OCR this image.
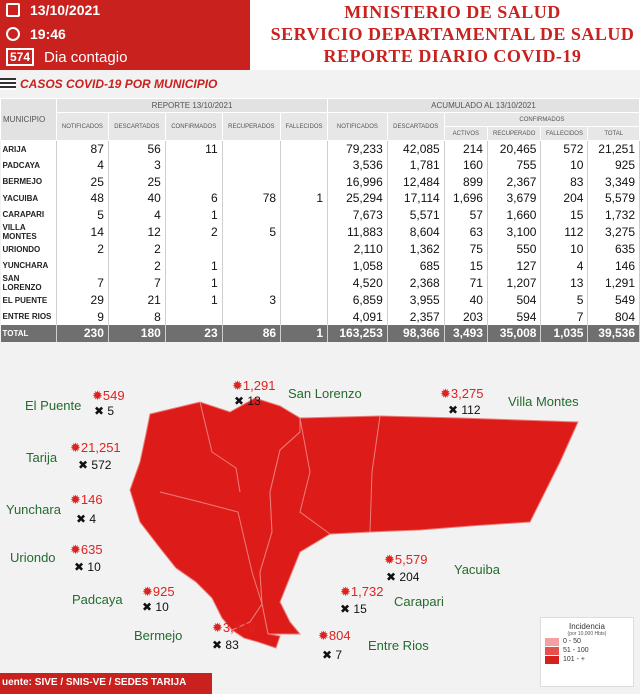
13/10/2021
19:46
574 Dia contagio
MINISTERIO DE SALUD
SERVICIO DEPARTAMENTAL DE SALUD
REPORTE DIARIO COVID-19
CASOS COVID-19 POR MUNICIPIO
MUNICIPIO	REPORTE 13/10/2021					ACUMULADO AL 13/10/2021					
	NOTIFICADOS	DESCARTADOS	CONFIRMADOS	RECUPERADOS	FALLECIDOS	NOTIFICADOS	DESCARTADOS	CONFIRMADOS			
								ACTIVOS	RECUPERADO	FALLECIDOS	TOTAL
ARIJA	87	56	11			79,233	42,085	214	20,465	572	21,251
PADCAYA	4	3				3,536	1,781	160	755	10	925
BERMEJO	25	25				16,996	12,484	899	2,367	83	3,349
YACUIBA	48	40	6	78	1	25,294	17,114	1,696	3,679	204	5,579
CARAPARI	5	4	1			7,673	5,571	57	1,660	15	1,732
VILLA MONTES	14	12	2	5		11,883	8,604	63	3,100	112	3,275
URIONDO	2	2				2,110	1,362	75	550	10	635
YUNCHARA		2	1			1,058	685	15	127	4	146
SAN LORENZO	7	7	1			4,520	2,368	71	1,207	13	1,291
EL PUENTE	29	21	1	3		6,859	3,955	40	504	5	549
ENTRE RIOS	9	8				4,091	2,357	203	594	7	804
TOTAL	230	180	23	86	1	163,253	98,366	3,493	35,008	1,035	39,536
✹549
✖ 5
El Puente
✹1,291
✖ 13 San Lorenzo	✹3,275
✖ 112
Villa Montes
✹21,251
✖ 572
Tarija
✹146
✖ 4
Yunchara
✹635
✖ 10
Uriondo	✹5,579
✖ 204	Yacuiba
✹1,732
✖ 15 Carapari
✹925
✖ 10
Padcaya
✹3,349
✖ 83
Bermejo	✹804
✖ 7
Entre Rios
Incidencia
(por 10,000 Hbts)
0 - 50
51 - 100
101 - +
uente: SIVE / SNIS-VE / SEDES TARIJA
